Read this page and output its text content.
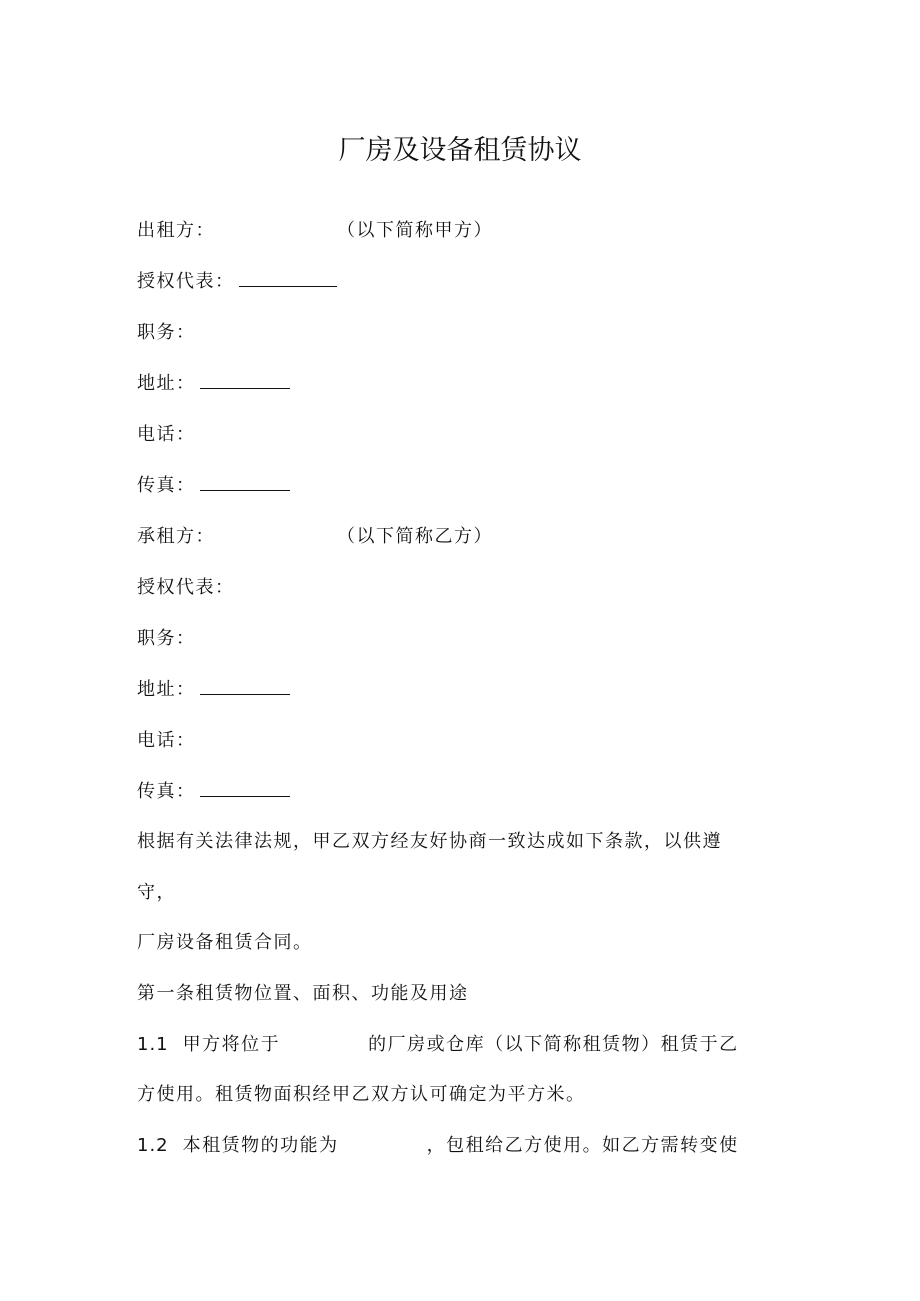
厂房及设备租赁协议
出租方：	（以下简称甲方）
授权代表：
职务：
地址：
电话：
传真：
承租方：	（以下简称乙方）
授权代表：
职务：
地址：
电话：
传真：
根据有关法律法规，甲乙双方经友好协商一致达成如下条款，以供遵
守，
厂房设备租赁合同。
第一条租赁物位置、面积、功能及用途
1.1 甲方将位于	的厂房或仓库（以下简称租赁物）租赁于乙
方使用。租赁物面积经甲乙双方认可确定为平方米。
1.2 本租赁物的功能为	，包租给乙方使用。如乙方需转变使
